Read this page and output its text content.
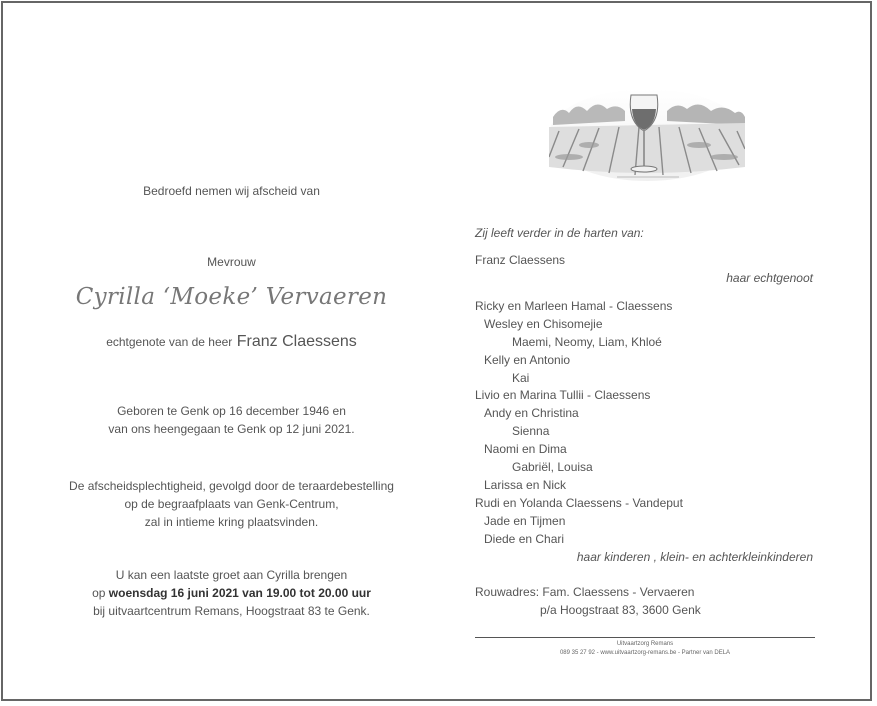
Bedroefd nemen wij afscheid van
Mevrouw
Cyrilla ‘Moeke’ Vervaeren
echtgenote van de heer Franz Claessens
Geboren te Genk op 16 december 1946 en
van ons heengegaan te Genk op 12 juni 2021.
De afscheidsplechtigheid, gevolgd door de teraardebestelling
op de begraafplaats van Genk-Centrum,
zal in intieme kring plaatsvinden.
U kan een laatste groet aan Cyrilla brengen
op woensdag 16 juni 2021 van 19.00 tot 20.00 uur
bij uitvaartcentrum Remans, Hoogstraat 83 te Genk.
Zij leeft verder in de harten van:
Franz Claessens
haar echtgenoot
Ricky en Marleen Hamal - Claessens
Wesley en Chisomejie
Maemi, Neomy, Liam, Khloé
Kelly en Antonio
Kai
Livio en Marina Tullii - Claessens
Andy en Christina
Sienna
Naomi en Dima
Gabriël, Louisa
Larissa en Nick
Rudi en Yolanda Claessens - Vandeput
Jade en Tijmen
Diede en Chari
haar kinderen , klein- en achterkleinkinderen
Rouwadres: Fam. Claessens - Vervaeren
p/a Hoogstraat 83, 3600 Genk
Uitvaartzorg Remans
089 35 27 92 - www.uitvaartzorg-remans.be - Partner van DELA
